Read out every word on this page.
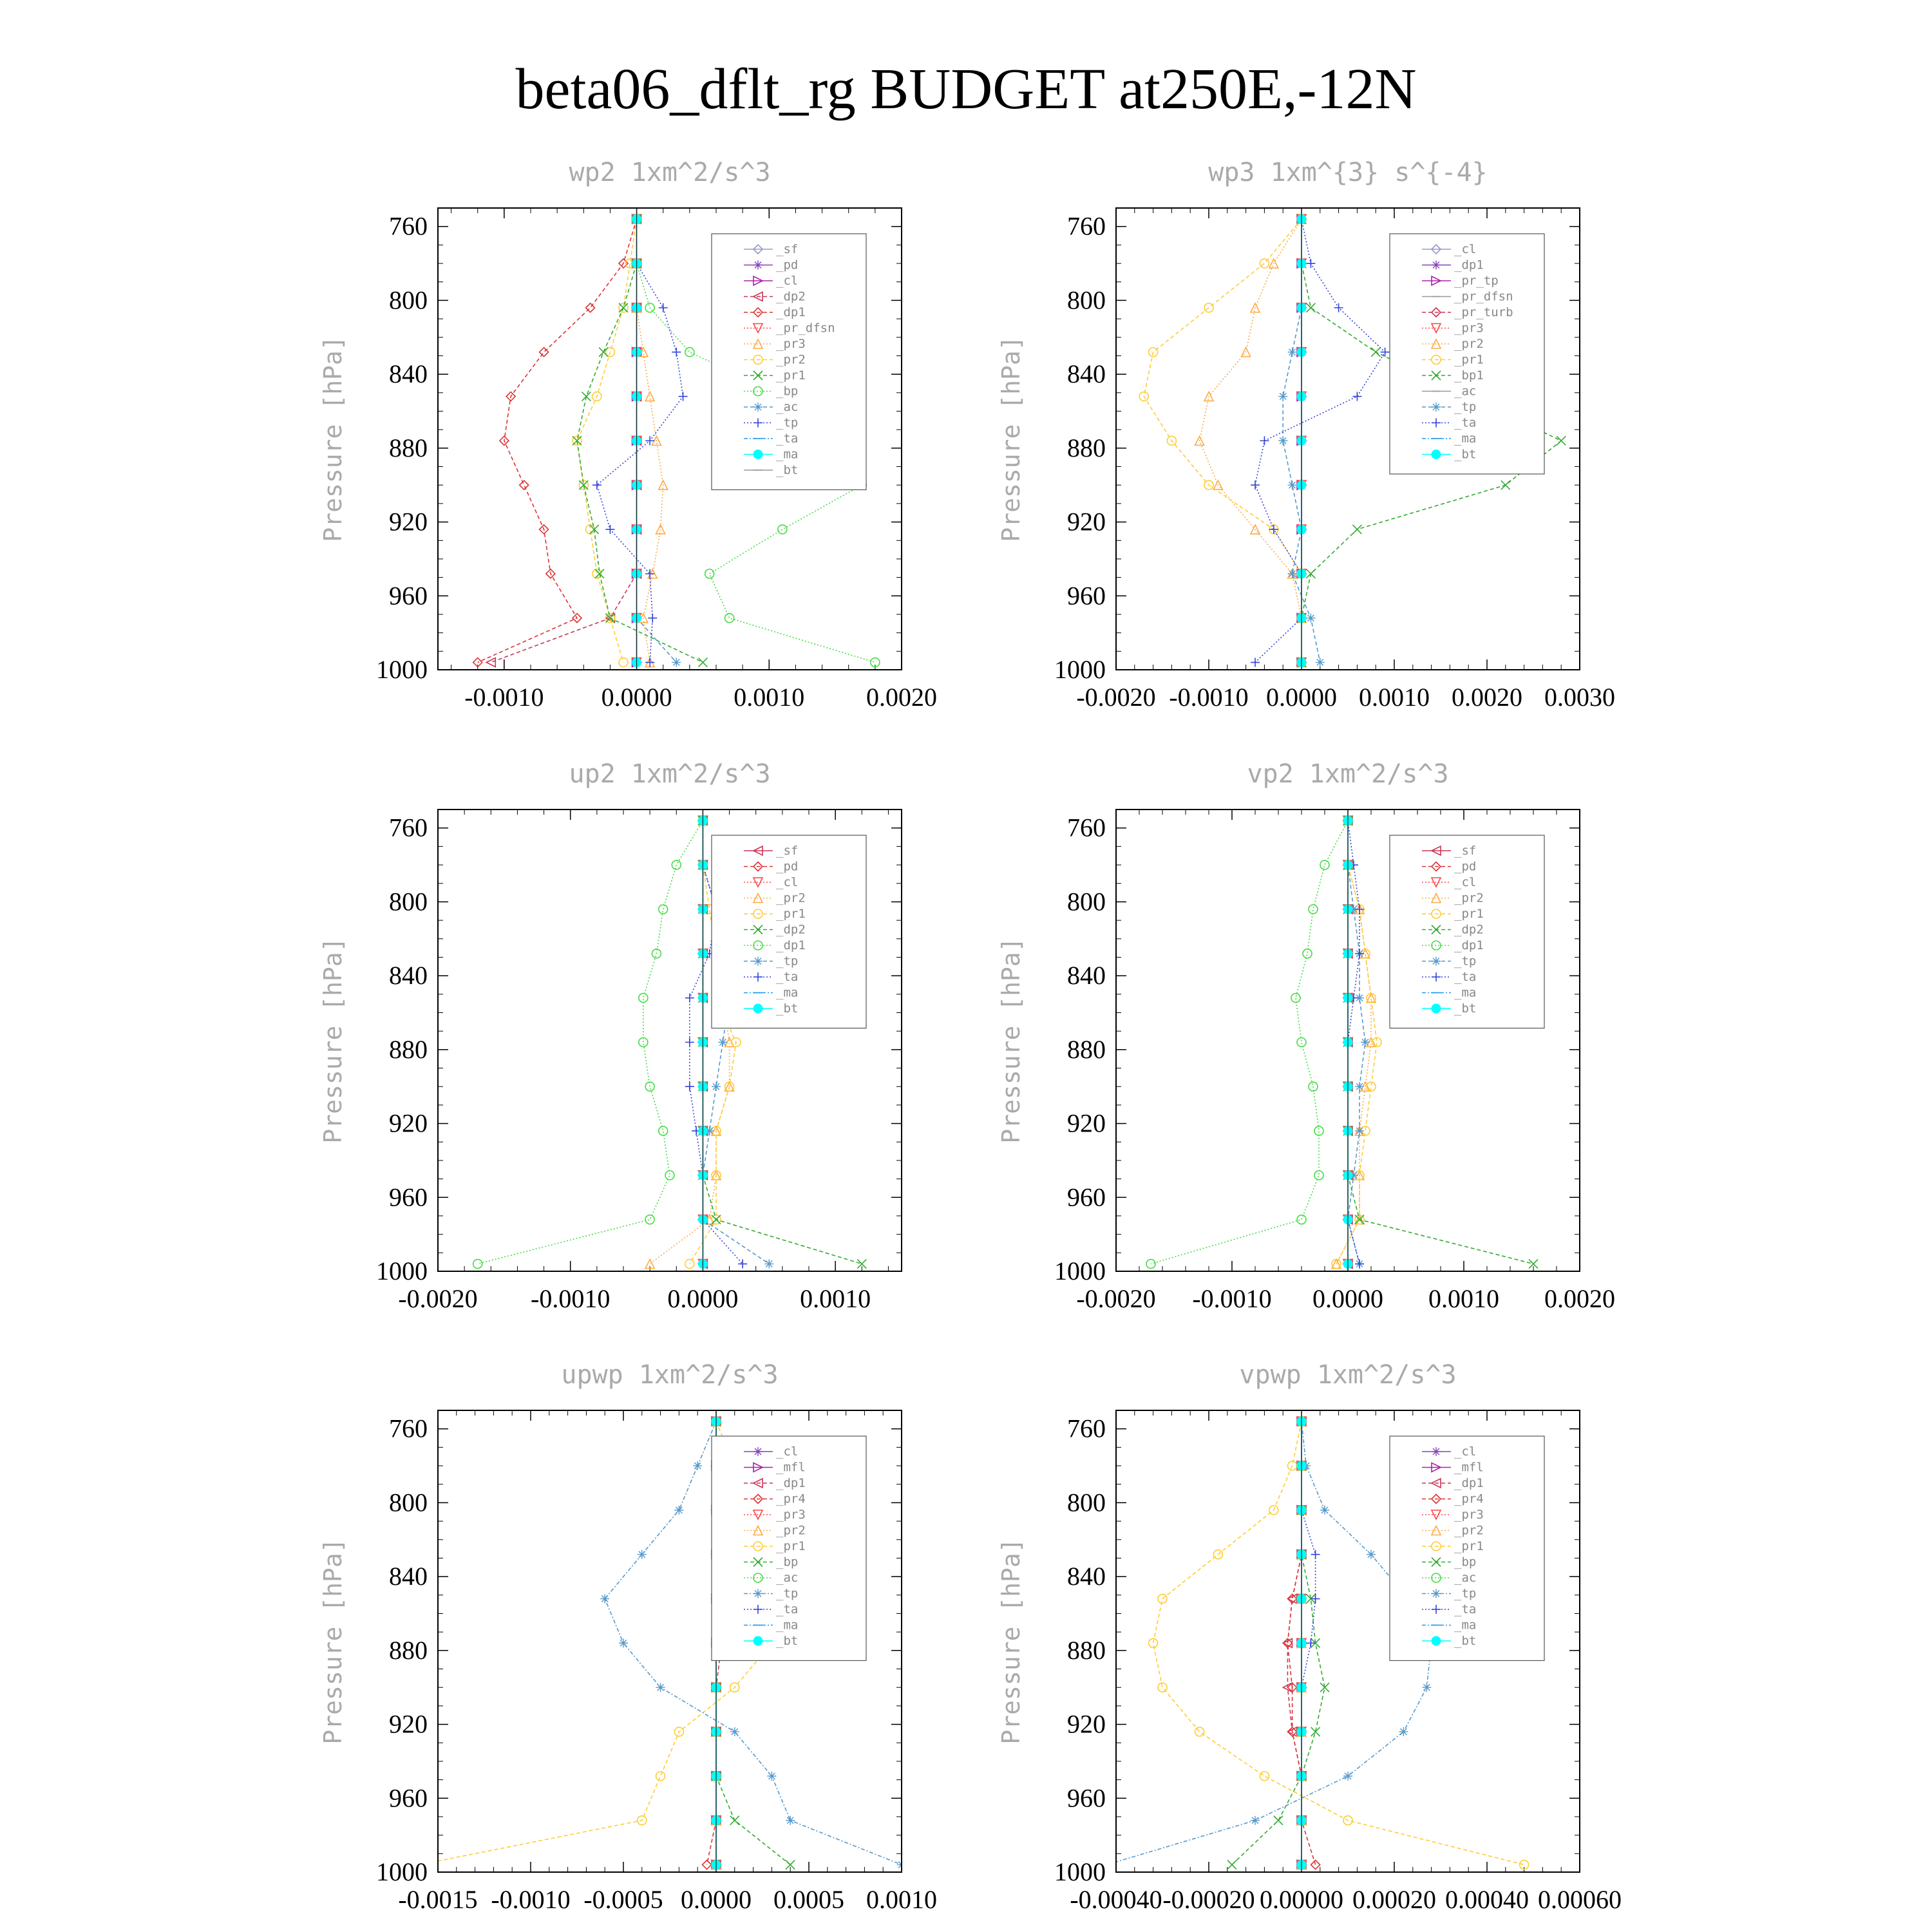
beta06_dflt_rg BUDGET at250E,-12N
wp2 1xm^2/s^3
Pressure [hPa]
760
800
840
880
920
960
1000
-0.0010 0.0000 0.0010 0.0020
_sf
_pd
_cl
_dp2
_dp1
_pr_dfsn
_pr3
_pr2
_pr1
_bp
_ac
_tp
_ta
_ma
_bt
wp3 1xm^{3} s^{-4}
Pressure [hPa]
760
800
840
880
920
960
1000
-0.0020 -0.0010 0.0000 0.0010 0.0020 0.0030
_cl
_dp1
_pr_tp
_pr_dfsn
_pr_turb
_pr3
_pr2
_pr1
_bp1
_ac
_tp
_ta
_ma
_bt
up2 1xm^2/s^3
Pressure [hPa]
760
800
840
880
920
960
1000
-0.0020 -0.0010 0.0000 0.0010
_sf
_pd
_cl
_pr2
_pr1
_dp2
_dp1
_tp
_ta
_ma
_bt
vp2 1xm^2/s^3
Pressure [hPa]
760
800
840
880
920
960
1000
-0.0020 -0.0010 0.0000 0.0010 0.0020
_sf
_pd
_cl
_pr2
_pr1
_dp2
_dp1
_tp
_ta
_ma
_bt
upwp 1xm^2/s^3
Pressure [hPa]
760
800
840
880
920
960
1000
-0.0015 -0.0010 -0.0005 0.0000 0.0005 0.0010
_cl
_mfl
_dp1
_pr4
_pr3
_pr2
_pr1
_bp
_ac
_tp
_ta
_ma
_bt
vpwp 1xm^2/s^3
Pressure [hPa]
760
800
840
880
920
960
1000
-0.00040 -0.00020 0.00000 0.00020 0.00040 0.00060
_cl
_mfl
_dp1
_pr4
_pr3
_pr2
_pr1
_bp
_ac
_tp
_ta
_ma
_bt
